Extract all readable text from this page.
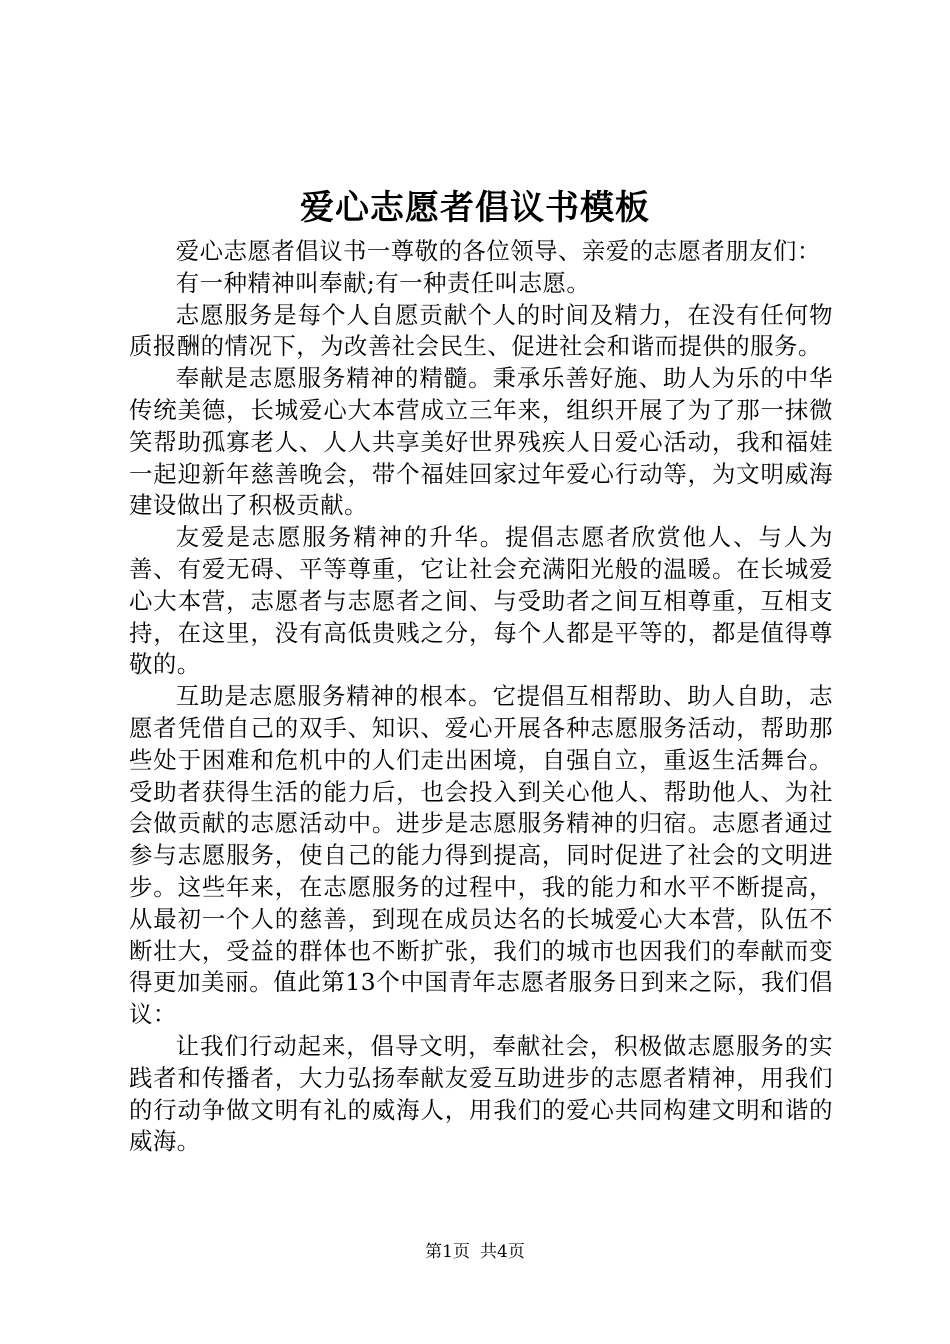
爱心志愿者倡议书模板

爱心志愿者倡议书一尊敬的各位领导、亲爱的志愿者朋友们：

有一种精神叫奉献;有一种责任叫志愿。

志愿服务是每个人自愿贡献个人的时间及精力，在没有任何物质报酬的情况下，为改善社会民生、促进社会和谐而提供的服务。

奉献是志愿服务精神的精髓。秉承乐善好施、助人为乐的中华传统美德，长城爱心大本营成立三年来，组织开展了为了那一抹微笑帮助孤寡老人、人人共享美好世界残疾人日爱心活动，我和福娃一起迎新年慈善晚会，带个福娃回家过年爱心行动等，为文明威海建设做出了积极贡献。

友爱是志愿服务精神的升华。提倡志愿者欣赏他人、与人为善、有爱无碍、平等尊重，它让社会充满阳光般的温暖。在长城爱心大本营，志愿者与志愿者之间、与受助者之间互相尊重，互相支持，在这里，没有高低贵贱之分，每个人都是平等的，都是值得尊敬的。

互助是志愿服务精神的根本。它提倡互相帮助、助人自助，志愿者凭借自己的双手、知识、爱心开展各种志愿服务活动，帮助那些处于困难和危机中的人们走出困境，自强自立，重返生活舞台。受助者获得生活的能力后，也会投入到关心他人、帮助他人、为社会做贡献的志愿活动中。进步是志愿服务精神的归宿。志愿者通过参与志愿服务，使自己的能力得到提高，同时促进了社会的文明进步。这些年来，在志愿服务的过程中，我的能力和水平不断提高，从最初一个人的慈善，到现在成员达名的长城爱心大本营，队伍不断壮大，受益的群体也不断扩张，我们的城市也因我们的奉献而变得更加美丽。值此第13个中国青年志愿者服务日到来之际，我们倡议：

让我们行动起来，倡导文明，奉献社会，积极做志愿服务的实践者和传播者，大力弘扬奉献友爱互助进步的志愿者精神，用我们的行动争做文明有礼的威海人，用我们的爱心共同构建文明和谐的威海。

第1页 共4页
